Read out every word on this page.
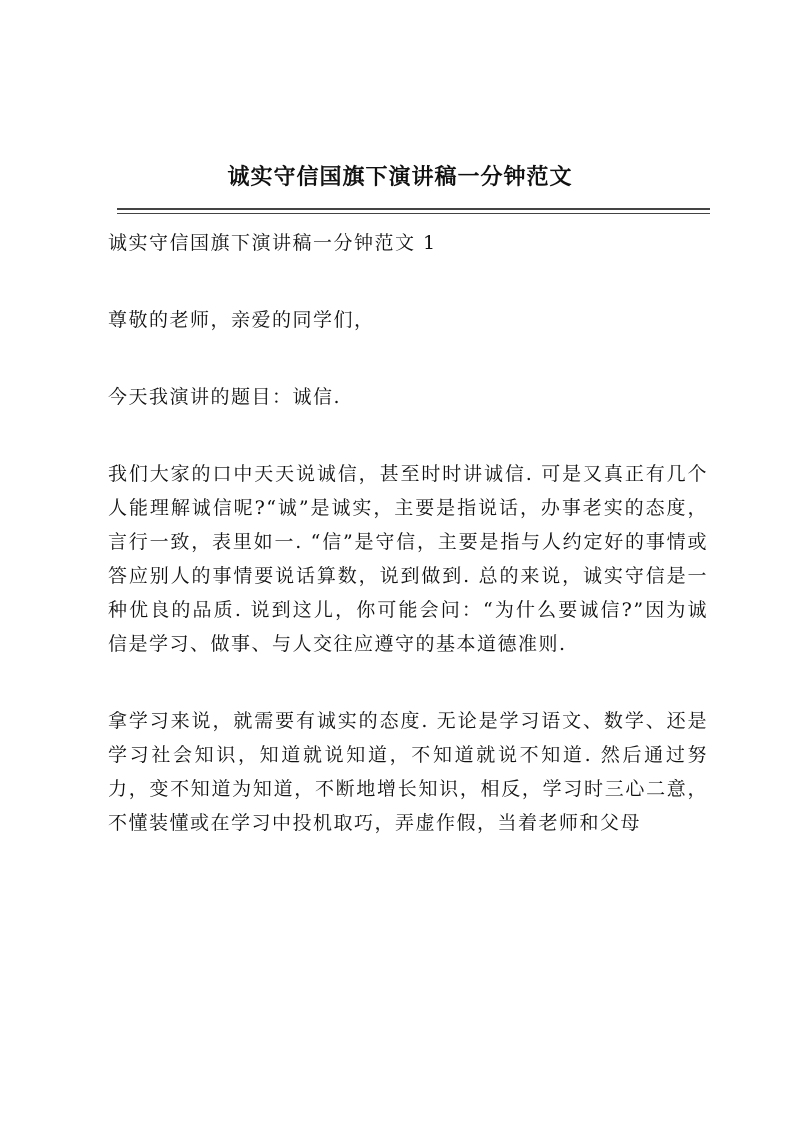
诚实守信国旗下演讲稿一分钟范文

诚实守信国旗下演讲稿一分钟范文 1

尊敬的老师，亲爱的同学们，

今天我演讲的题目：诚信.

我们大家的口中天天说诚信，甚至时时讲诚信. 可是又真正有几个人能理解诚信呢?“诚”是诚实，主要是指说话，办事老实的态度，言行一致，表里如一. “信”是守信，主要是指与人约定好的事情或答应别人的事情要说话算数，说到做到. 总的来说，诚实守信是一种优良的品质. 说到这儿，你可能会问：“为什么要诚信?”因为诚信是学习、做事、与人交往应遵守的基本道德准则.

拿学习来说，就需要有诚实的态度. 无论是学习语文、数学、还是学习社会知识，知道就说知道，不知道就说不知道. 然后通过努力，变不知道为知道，不断地增长知识，相反，学习时三心二意，不懂装懂或在学习中投机取巧，弄虚作假，当着老师和父母
